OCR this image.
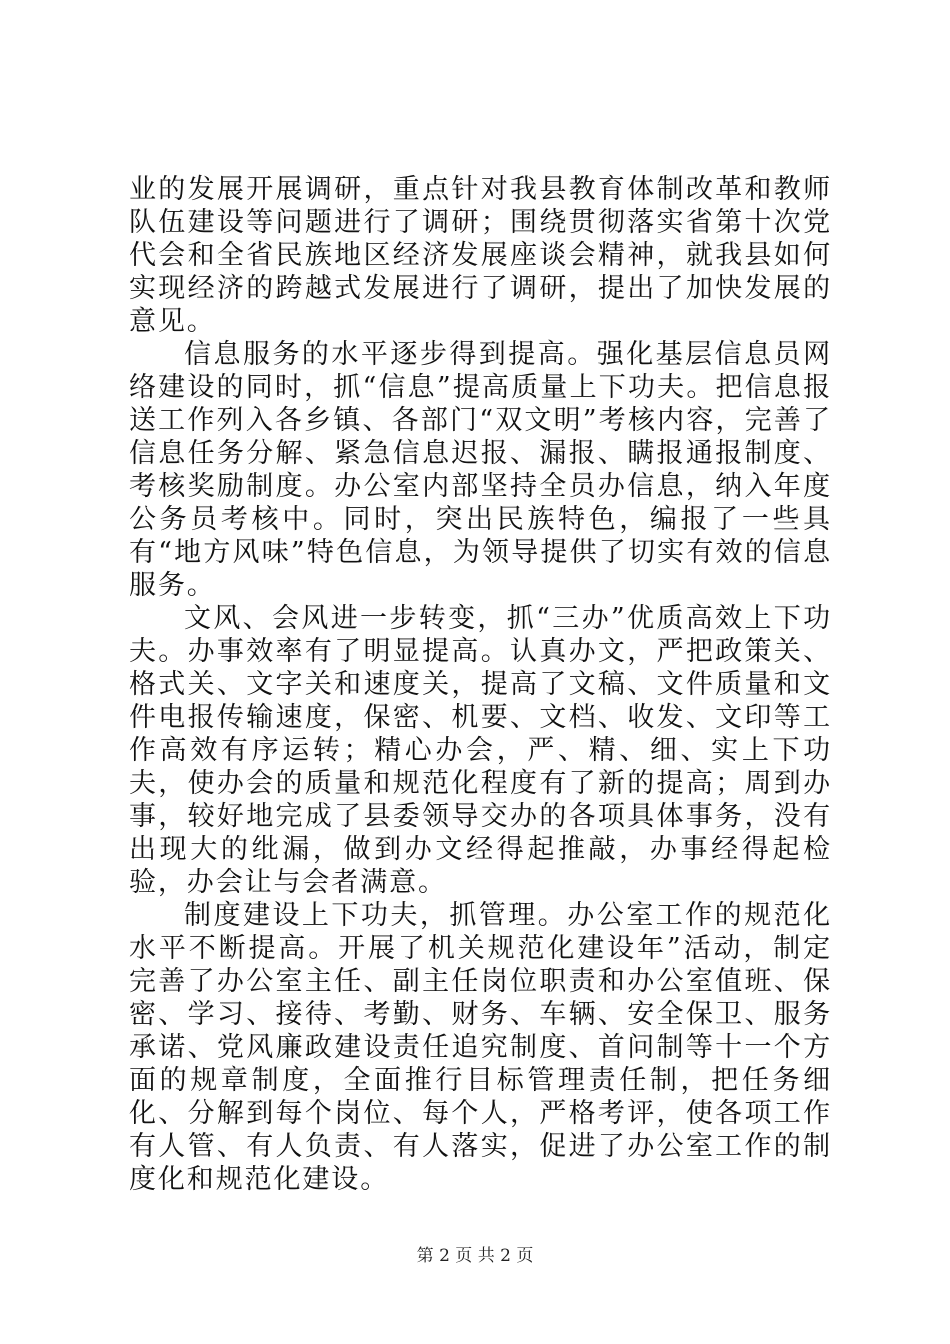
业的发展开展调研，重点针对我县教育体制改革和教师队伍建设等问题进行了调研；围绕贯彻落实省第十次党代会和全省民族地区经济发展座谈会精神，就我县如何实现经济的跨越式发展进行了调研，提出了加快发展的意见。

信息服务的水平逐步得到提高。强化基层信息员网络建设的同时，抓“信息”提高质量上下功夫。把信息报送工作列入各乡镇、各部门“双文明”考核内容，完善了信息任务分解、紧急信息迟报、漏报、瞒报通报制度、考核奖励制度。办公室内部坚持全员办信息，纳入年度公务员考核中。同时，突出民族特色，编报了一些具有“地方风味”特色信息，为领导提供了切实有效的信息服务。

文风、会风进一步转变，抓“三办”优质高效上下功夫。办事效率有了明显提高。认真办文，严把政策关、格式关、文字关和速度关，提高了文稿、文件质量和文件电报传输速度，保密、机要、文档、收发、文印等工作高效有序运转；精心办会，严、精、细、实上下功夫，使办会的质量和规范化程度有了新的提高；周到办事，较好地完成了县委领导交办的各项具体事务，没有出现大的纰漏，做到办文经得起推敲，办事经得起检验，办会让与会者满意。

制度建设上下功夫，抓管理。办公室工作的规范化水平不断提高。开展了机关规范化建设年”活动，制定完善了办公室主任、副主任岗位职责和办公室值班、保密、学习、接待、考勤、财务、车辆、安全保卫、服务承诺、党风廉政建设责任追究制度、首问制等十一个方面的规章制度，全面推行目标管理责任制，把任务细化、分解到每个岗位、每个人，严格考评，使各项工作有人管、有人负责、有人落实，促进了办公室工作的制度化和规范化建设。

第 2 页 共 2 页
